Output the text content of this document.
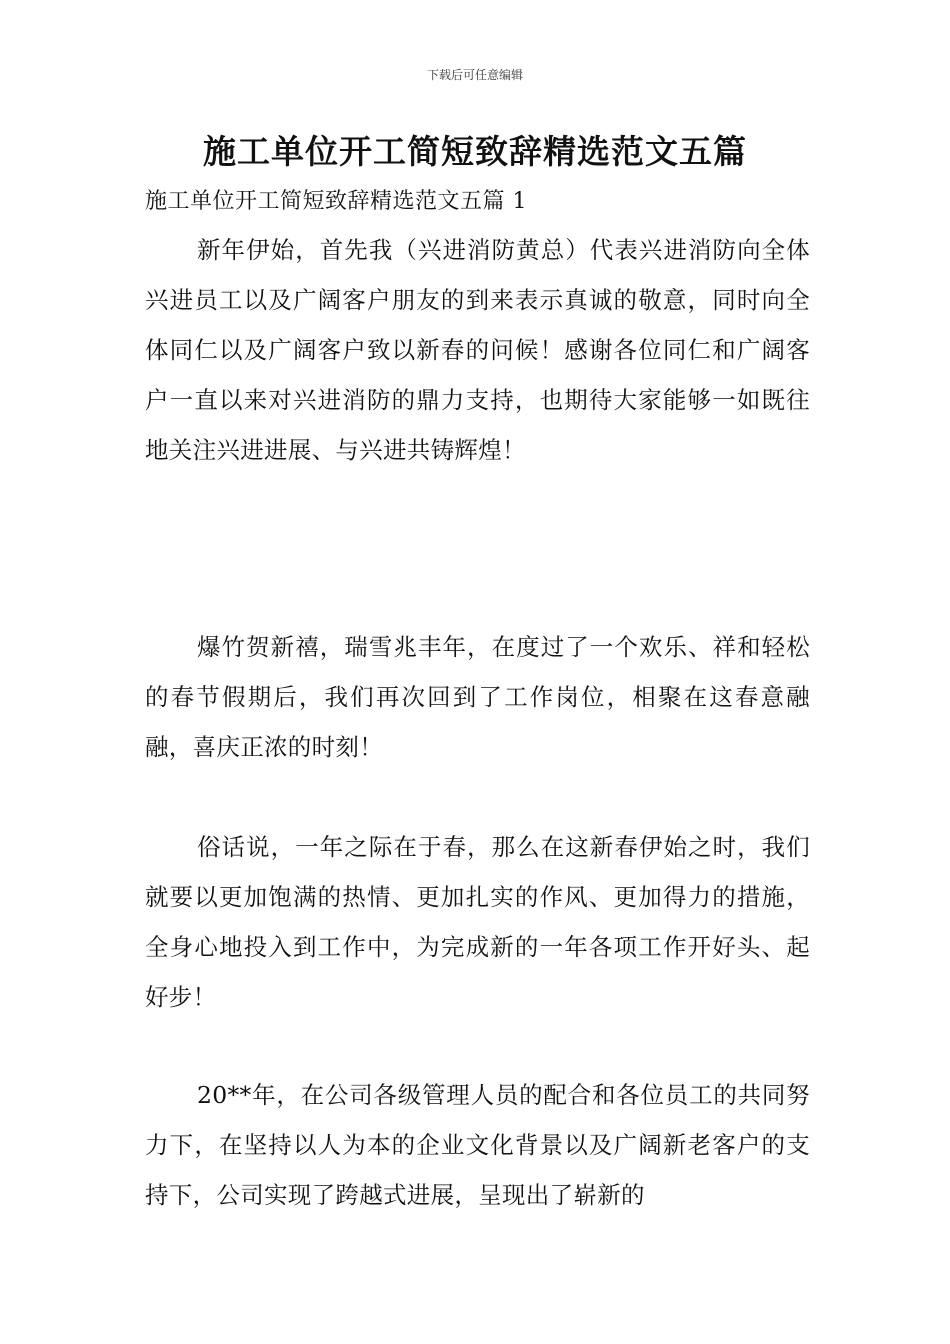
下载后可任意编辑
施工单位开工简短致辞精选范文五篇
施工单位开工简短致辞精选范文五篇 1
新年伊始，首先我（兴进消防黄总）代表兴进消防向全体兴进员工以及广阔客户朋友的到来表示真诚的敬意，同时向全体同仁以及广阔客户致以新春的问候！感谢各位同仁和广阔客户一直以来对兴进消防的鼎力支持，也期待大家能够一如既往地关注兴进进展、与兴进共铸辉煌！
爆竹贺新禧，瑞雪兆丰年，在度过了一个欢乐、祥和轻松的春节假期后，我们再次回到了工作岗位，相聚在这春意融融，喜庆正浓的时刻！
俗话说，一年之际在于春，那么在这新春伊始之时，我们就要以更加饱满的热情、更加扎实的作风、更加得力的措施，全身心地投入到工作中，为完成新的一年各项工作开好头、起好步！
20**年，在公司各级管理人员的配合和各位员工的共同努力下，在坚持以人为本的企业文化背景以及广阔新老客户的支持下，公司实现了跨越式进展，呈现出了崭新的
